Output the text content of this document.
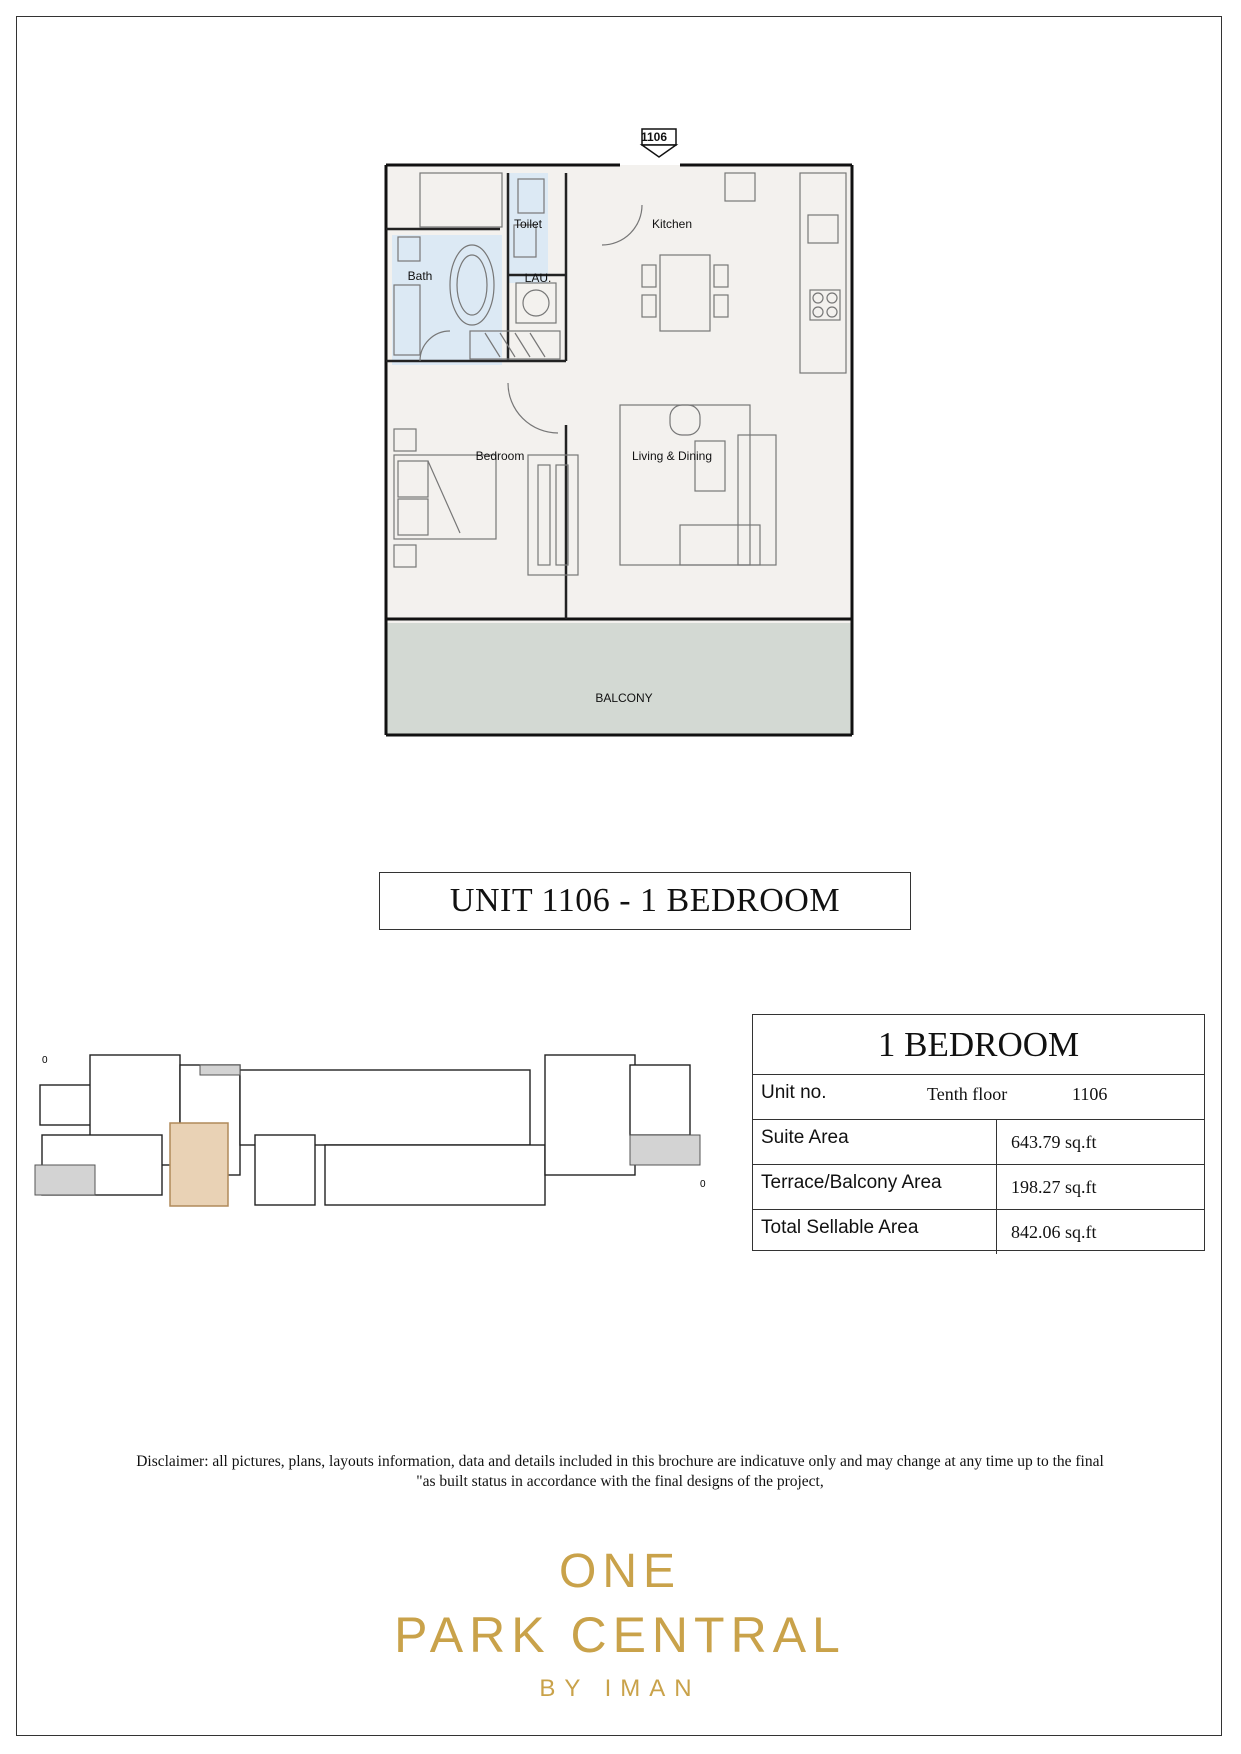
1106
Toilet	Kitchen
Bath	LAU.
Bedroom	Living & Dining
BALCONY
UNIT 1106 - 1 BEDROOM
0
0
1 BEDROOM
Unit no.	Tenth floor	1106
Suite Area	643.79 sq.ft
Terrace/Balcony Area	198.27 sq.ft
Total Sellable Area	842.06 sq.ft
Disclaimer: all pictures, plans, layouts information, data and details included in this brochure are indicatuve only and may change at any time up to the final
"as built status in accordance with the final designs of the project,
ONE
PARK CENTRAL
BY IMAN
